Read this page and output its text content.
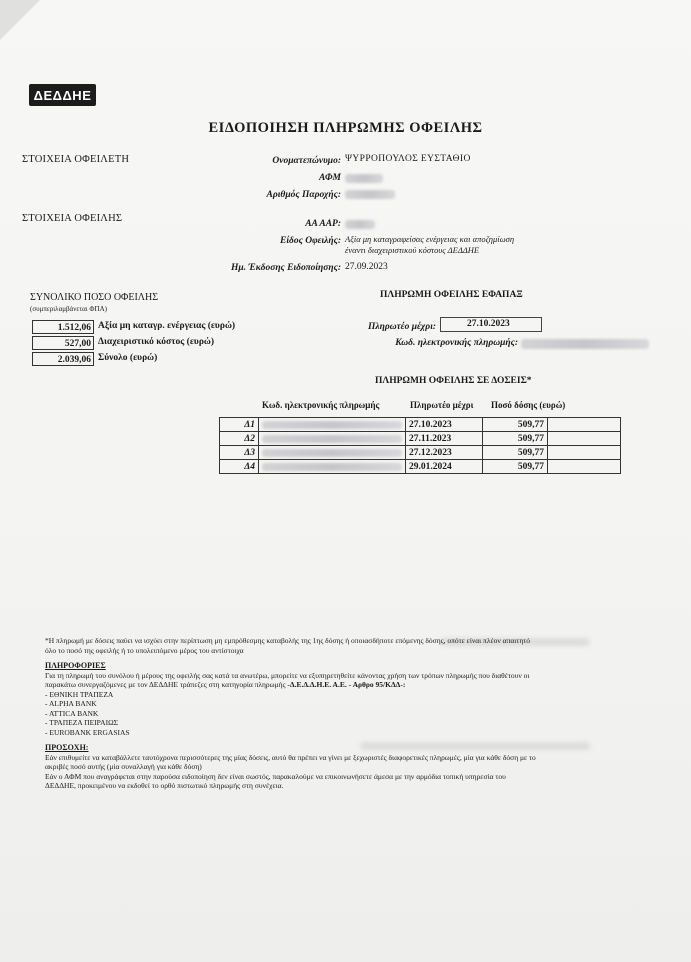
ΔΕΔΔΗΕ
ΕΙΔΟΠΟΙΗΣΗ ΠΛΗΡΩΜΗΣ ΟΦΕΙΛΗΣ
ΣΤΟΙΧΕΙΑ ΟΦΕΙΛΕΤΗ	Ονοματεπώνυμο: ΨΥΡΡΟΠΟΥΛΟΣ ΕΥΣΤΑΘΙΟ
ΑΦΜ
Αριθμός Παροχής:
ΣΤΟΙΧΕΙΑ ΟΦΕΙΛΗΣ	ΑΑ ΑΑΡ:
Είδος Οφειλής: Αξία μη καταγραφείσας ενέργειας και αποζημίωση
έναντι διαχειριστικού κόστους ΔΕΔΔΗΕ
Ημ. Έκδοσης Ειδοποίησης: 27.09.2023
ΣΥΝΟΛΙΚΟ ΠΟΣΟ ΟΦΕΙΛΗΣ
(συμπεριλαμβάνεται ΦΠΑ)
1.512,06 Αξία μη καταγρ. ενέργειας (ευρώ)
527,00 Διαχειριστικό κόστος (ευρώ)
2.039,06 Σύνολο (ευρώ)
ΠΛΗΡΩΜΗ ΟΦΕΙΛΗΣ ΕΦΑΠΑΞ
Πληρωτέο μέχρι:	27.10.2023
Κωδ. ηλεκτρονικής πληρωμής:
ΠΛΗΡΩΜΗ ΟΦΕΙΛΗΣ ΣΕ ΔΟΣΕΙΣ*
Κωδ. ηλεκτρονικής πληρωμής	Πληρωτέο μέχρι Ποσό δόσης (ευρώ)
Δ1		27.10.2023	509,77	
Δ2		27.11.2023	509,77	
Δ3		27.12.2023	509,77	
Δ4		29.01.2024	509,77	
*Η πληρωμή με δόσεις παύει να ισχύει στην περίπτωση μη εμπρόθεσμης καταβολής της 1ης δόσης ή οποιασδήποτε επόμενης δόσης, οπότε είναι πλέον απαιτητό
όλο το ποσό της οφειλής ή το υπολειπόμενο μέρος του αντίστοιχα
ΠΛΗΡΟΦΟΡΙΕΣ
Για τη πληρωμή του συνόλου ή μέρους της οφειλής σας κατά τα ανωτέρω, μπορείτε να εξυπηρετηθείτε κάνοντας χρήση των τρόπων πληρωμής που διαθέτουν οι
παρακάτω συνεργαζόμενες με τον ΔΕΔΔΗΕ τράπεζες στη κατηγορία πληρωμής -Δ.Ε.Δ.Δ.Η.Ε. Α.Ε. - Αρθρο 95/ΚΔΔ-:
- ΕΘΝΙΚΗ ΤΡΑΠΕΖΑ
- ALPHA BANK
- ATTICA BANK
- ΤΡΑΠΕΖΑ ΠΕΙΡΑΙΩΣ
- EUROBANK ERGASIAS
ΠΡΟΣΟΧΗ:
Εάν επιθυμείτε να καταβάλλετε ταυτόχρονα περισσότερες της μίας δόσεις, αυτό θα πρέπει να γίνει με ξεχωριστές διαφορετικές πληρωμές, μία για κάθε δόση με το
ακριβές ποσό αυτής (μία συναλλαγή για κάθε δόση)
Εάν ο ΑΦΜ που αναγράφεται στην παρούσα ειδοποίηση δεν είναι σωστός, παρακαλούμε να επικοινωνήσετε άμεσα με την αρμόδια τοπική υπηρεσία του
ΔΕΔΔΗΕ, προκειμένου να εκδοθεί το ορθό πιστωτικό πληρωμής στη συνέχεια.
